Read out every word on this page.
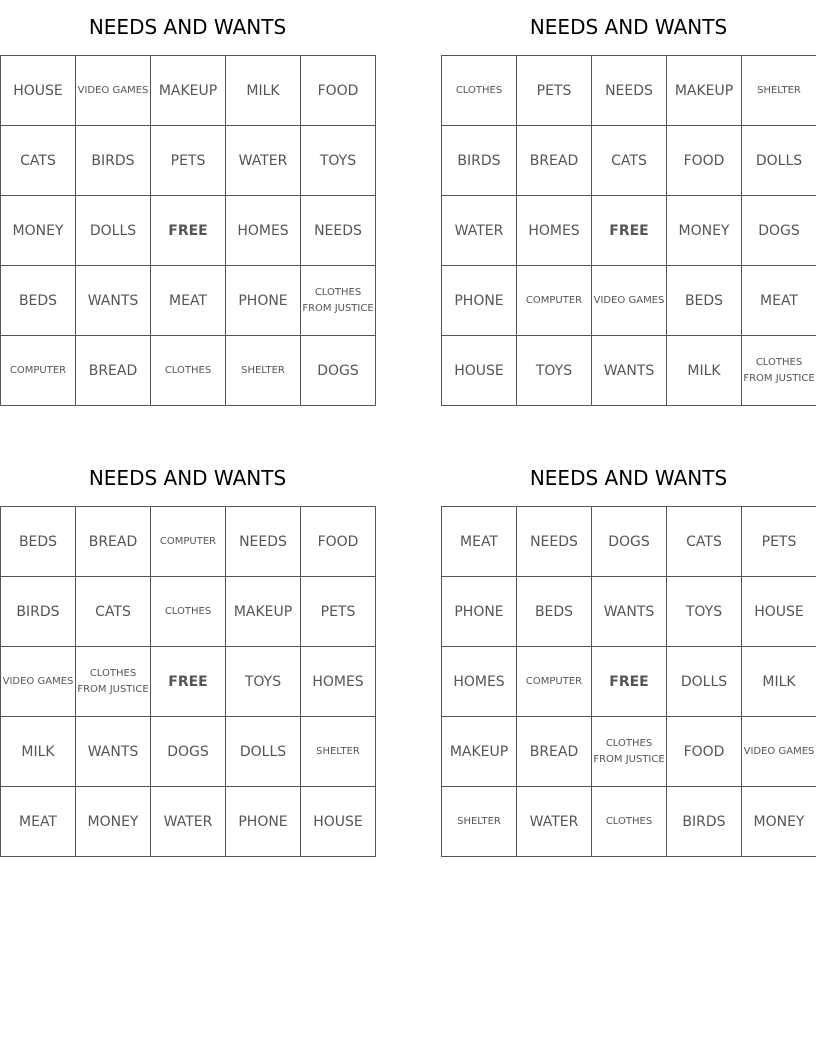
NEEDS AND WANTS
HOUSE	VIDEO GAMES	MAKEUP	MILK	FOOD
CATS	BIRDS	PETS	WATER	TOYS
MONEY	DOLLS	FREE	HOMES	NEEDS
BEDS	WANTS	MEAT	PHONE	CLOTHES FROM JUSTICE
COMPUTER	BREAD	CLOTHES	SHELTER	DOGS
NEEDS AND WANTS
CLOTHES	PETS	NEEDS	MAKEUP	SHELTER
BIRDS	BREAD	CATS	FOOD	DOLLS
WATER	HOMES	FREE	MONEY	DOGS
PHONE	COMPUTER	VIDEO GAMES	BEDS	MEAT
HOUSE	TOYS	WANTS	MILK	CLOTHES FROM JUSTICE
NEEDS AND WANTS
BEDS	BREAD	COMPUTER	NEEDS	FOOD
BIRDS	CATS	CLOTHES	MAKEUP	PETS
VIDEO GAMES	CLOTHES FROM JUSTICE	FREE	TOYS	HOMES
MILK	WANTS	DOGS	DOLLS	SHELTER
MEAT	MONEY	WATER	PHONE	HOUSE
NEEDS AND WANTS
MEAT	NEEDS	DOGS	CATS	PETS
PHONE	BEDS	WANTS	TOYS	HOUSE
HOMES	COMPUTER	FREE	DOLLS	MILK
MAKEUP	BREAD	CLOTHES FROM JUSTICE	FOOD	VIDEO GAMES
SHELTER	WATER	CLOTHES	BIRDS	MONEY
